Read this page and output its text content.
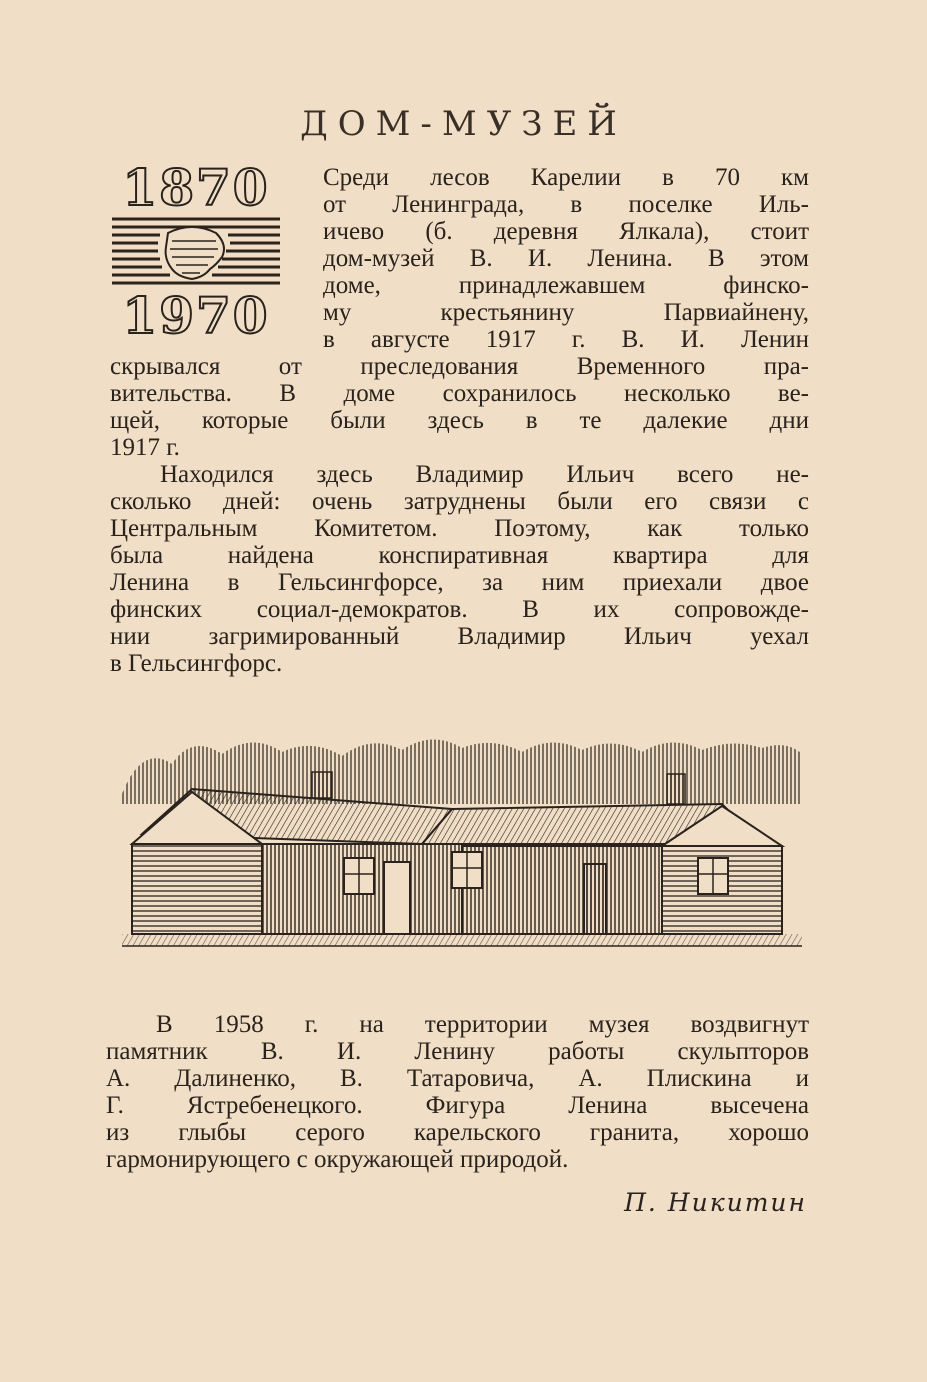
ДОМ-МУЗЕЙ
1870
1970
Среди лесов Карелии в 70 км
от Ленинграда, в поселке Иль-
ичево (б. деревня Ялкала), стоит
дом-музей В. И. Ленина. В этом
доме, принадлежавшем финско-
му крестьянину Парвиайнену,
в августе 1917 г. В. И. Ленин
скрывался от преследования Временного пра-
вительства. В доме сохранилось несколько ве-
щей, которые были здесь в те далекие дни
1917 г.
Находился здесь Владимир Ильич всего не-
сколько дней: очень затруднены были его связи с
Центральным Комитетом. Поэтому, как только
была найдена конспиративная квартира для
Ленина в Гельсингфорсе, за ним приехали двое
финских социал-демократов. В их сопровожде-
нии загримированный Владимир Ильич уехал
в Гельсингфорс.
В 1958 г. на территории музея воздвигнут
памятник В. И. Ленину работы скульпторов
А. Далиненко, В. Татаровича, А. Плискина и
Г. Ястребенецкого. Фигура Ленина высечена
из глыбы серого карельского гранита, хорошо
гармонирующего с окружающей природой.
П. Никитин
